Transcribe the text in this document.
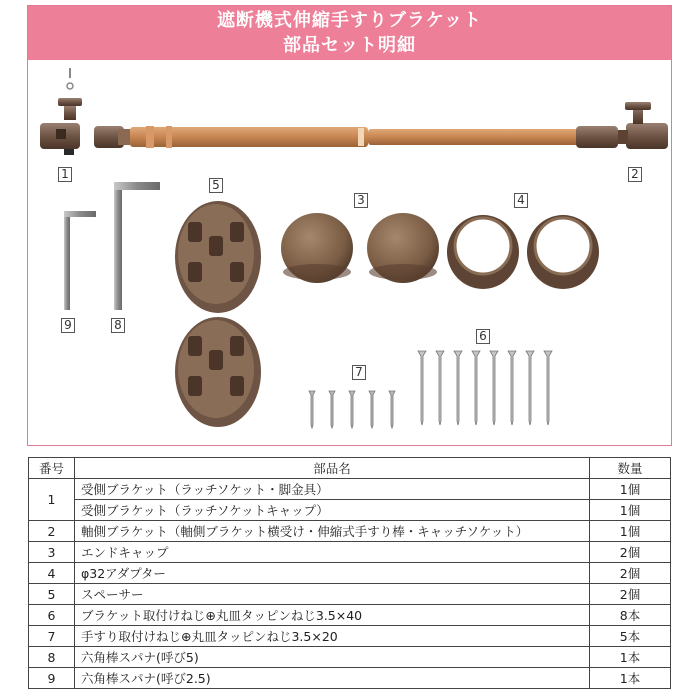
遮断機式伸縮手すりブラケット
部品セット明細
1	2
3	4
5
6
7
8
9
番号	部品名	数量
1	受側ブラケット（ラッチソケット・脚金具）	1個
	受側ブラケット（ラッチソケットキャップ）	1個
2	軸側ブラケット（軸側ブラケット横受け・伸縮式手すり棒・キャッチソケット）	1個
3	エンドキャップ	2個
4	φ32アダプター	2個
5	スペーサー	2個
6	ブラケット取付けねじ⊕丸皿タッピンねじ3.5×40	8本
7	手すり取付けねじ⊕丸皿タッピンねじ3.5×20	5本
8	六角棒スパナ(呼び5)	1本
9	六角棒スパナ(呼び2.5)	1本
